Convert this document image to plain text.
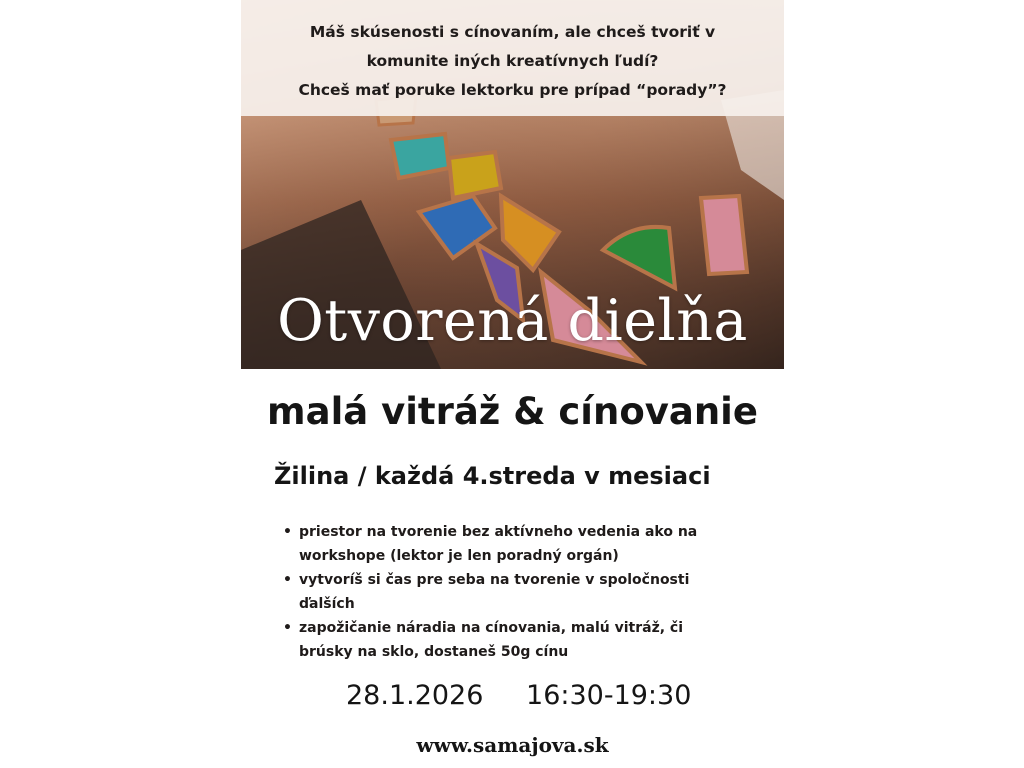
Máš skúsenosti s cínovaním, ale chceš tvoriť v
komunite iných kreatívnych ľudí?
Chceš mať poruke lektorku pre prípad “porady”?
Otvorená dielňa
malá vitráž & cínovanie
Žilina / každá 4.streda v mesiaci
• priestor na tvorenie bez aktívneho vedenia ako na
workshope (lektor je len poradný orgán)
• vytvoríš si čas pre seba na tvorenie v spoločnosti
ďalších
• zapožičanie náradia na cínovania, malú vitráž, či
brúsky na sklo, dostaneš 50g cínu
28.1.2026 16:30-19:30
www.samajova.sk
